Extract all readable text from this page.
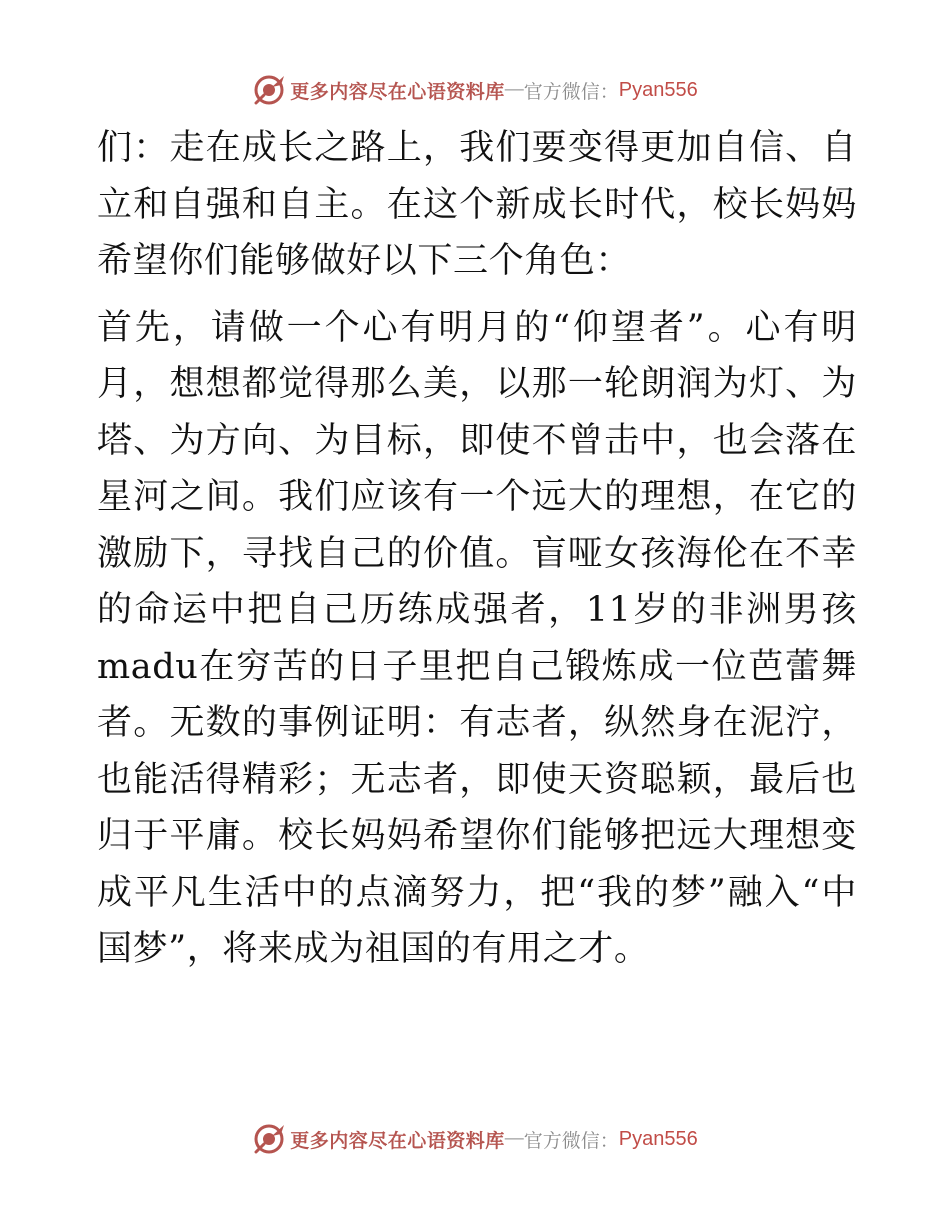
更多内容尽在心语资料库 — 官方微信： Pyan556

们：走在成长之路上，我们要变得更加自信、自立和自强和自主。在这个新成长时代，校长妈妈希望你们能够做好以下三个角色：

首先，请做一个心有明月的“仰望者”。心有明月，想想都觉得那么美，以那一轮朗润为灯、为塔、为方向、为目标，即使不曾击中，也会落在星河之间。我们应该有一个远大的理想，在它的激励下，寻找自己的价值。盲哑女孩海伦在不幸的命运中把自己历练成强者，11岁的非洲男孩madu在穷苦的日子里把自己锻炼成一位芭蕾舞者。无数的事例证明：有志者，纵然身在泥泞，也能活得精彩；无志者，即使天资聪颖，最后也归于平庸。校长妈妈希望你们能够把远大理想变成平凡生活中的点滴努力，把“我的梦”融入“中国梦”，将来成为祖国的有用之才。

更多内容尽在心语资料库 — 官方微信： Pyan556
